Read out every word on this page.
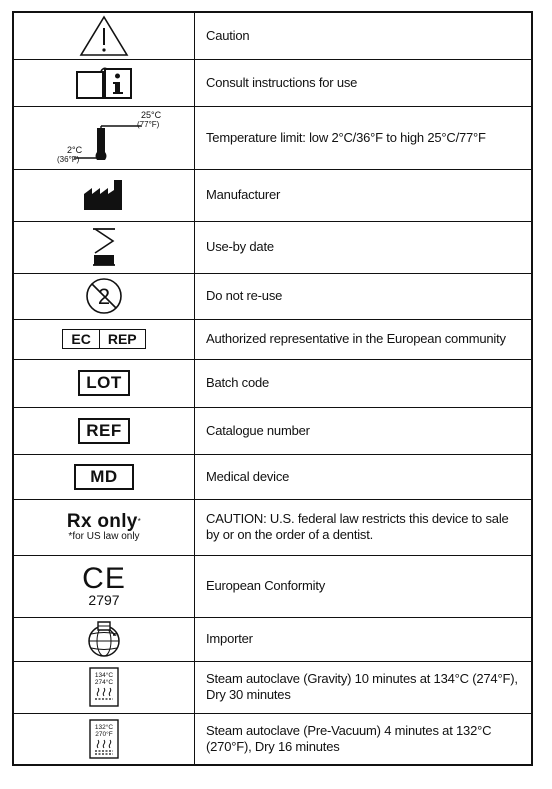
	Caution

	Consult instructions for use

25°C
(77°F)
2°C
(36°F)	Temperature limit: low 2°C/36°F to high 25°C/77°F

	Manufacturer

	Use-by date

2	Do not re-use

EC REP	Authorized representative in the European community
LOT	Batch code
REF	Catalogue number
MD	Medical device

Rx only*
*for US law only	CAUTION: U.S. federal law restricts this device to sale by or on the order of a dentist.

CE
2797	European Conformity

	Importer

134°C
274°C	Steam autoclave (Gravity) 10 minutes at 134°C (274°F), Dry 30 minutes

132°C
270°F	Steam autoclave (Pre-Vacuum) 4 minutes at 132°C (270°F), Dry 16 minutes
